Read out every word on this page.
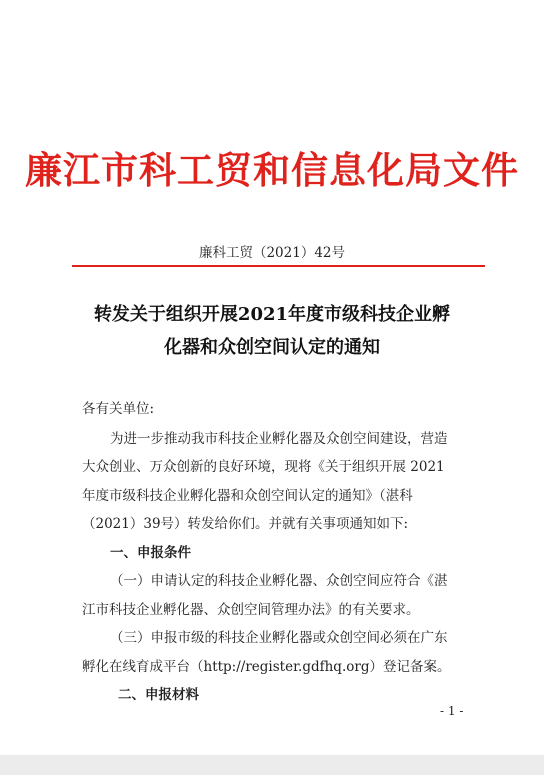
廉江市科工贸和信息化局文件
廉科工贸（2021）42号
转发关于组织开展2021年度市级科技企业孵
化器和众创空间认定的通知
各有关单位:
为进一步推动我市科技企业孵化器及众创空间建设，营造
大众创业、万众创新的良好环境，现将《关于组织开展 2021
年度市级科技企业孵化器和众创空间认定的通知》（湛科
（2021）39号）转发给你们。并就有关事项通知如下:
一、申报条件
（一）申请认定的科技企业孵化器、众创空间应符合《湛
江市科技企业孵化器、众创空间管理办法》的有关要求。
（三）申报市级的科技企业孵化器或众创空间必须在广东
孵化在线育成平台（http://register.gdfhq.org）登记备案。
二、申报材料
- 1 -
